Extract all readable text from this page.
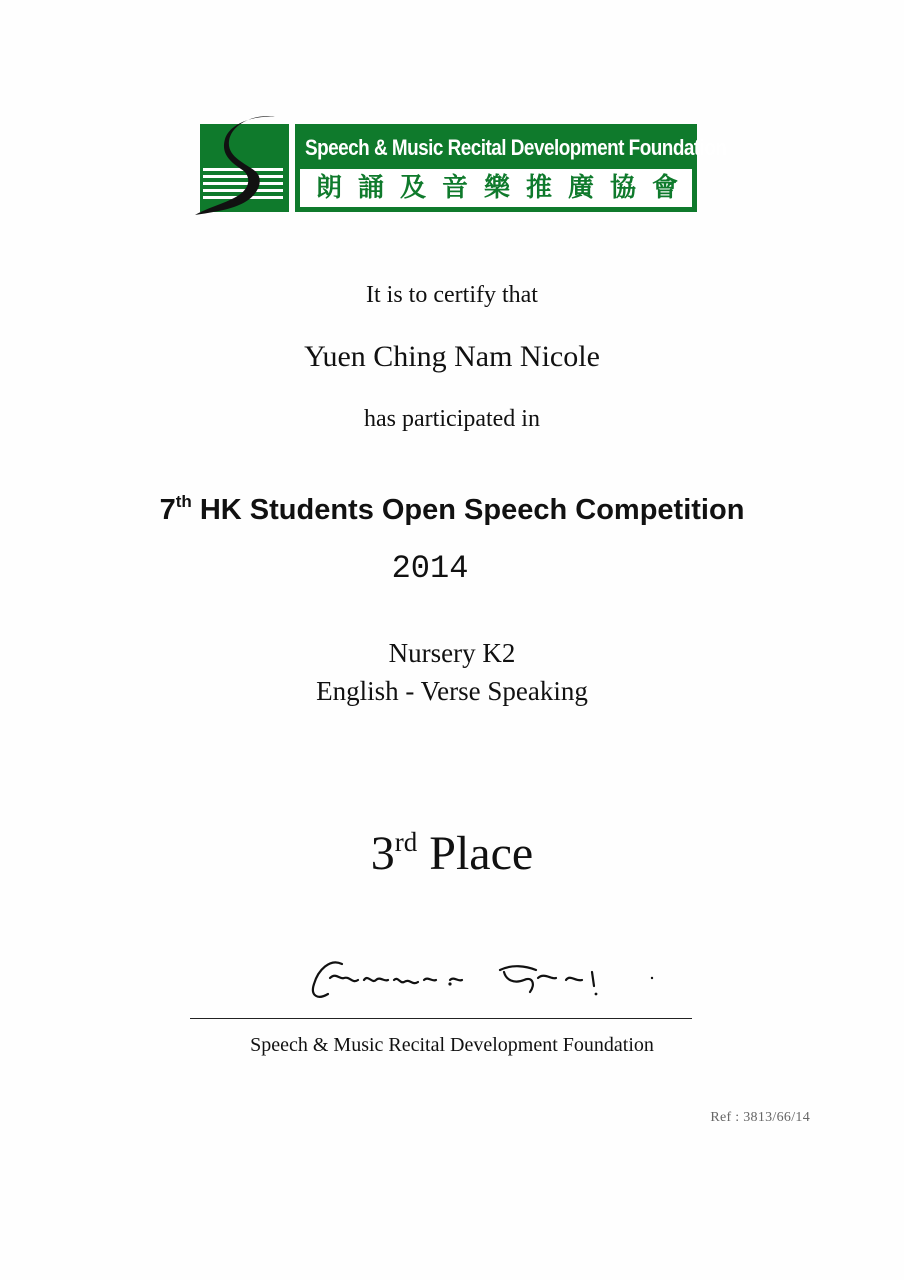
Speech & Music Recital Development Foundation
朗誦及音樂推廣協會
It is to certify that
Yuen Ching Nam Nicole
has participated in
7th HK Students Open Speech Competition
2014
Nursery K2
English - Verse Speaking
3rd Place
Speech & Music Recital Development Foundation
Ref : 3813/66/14
